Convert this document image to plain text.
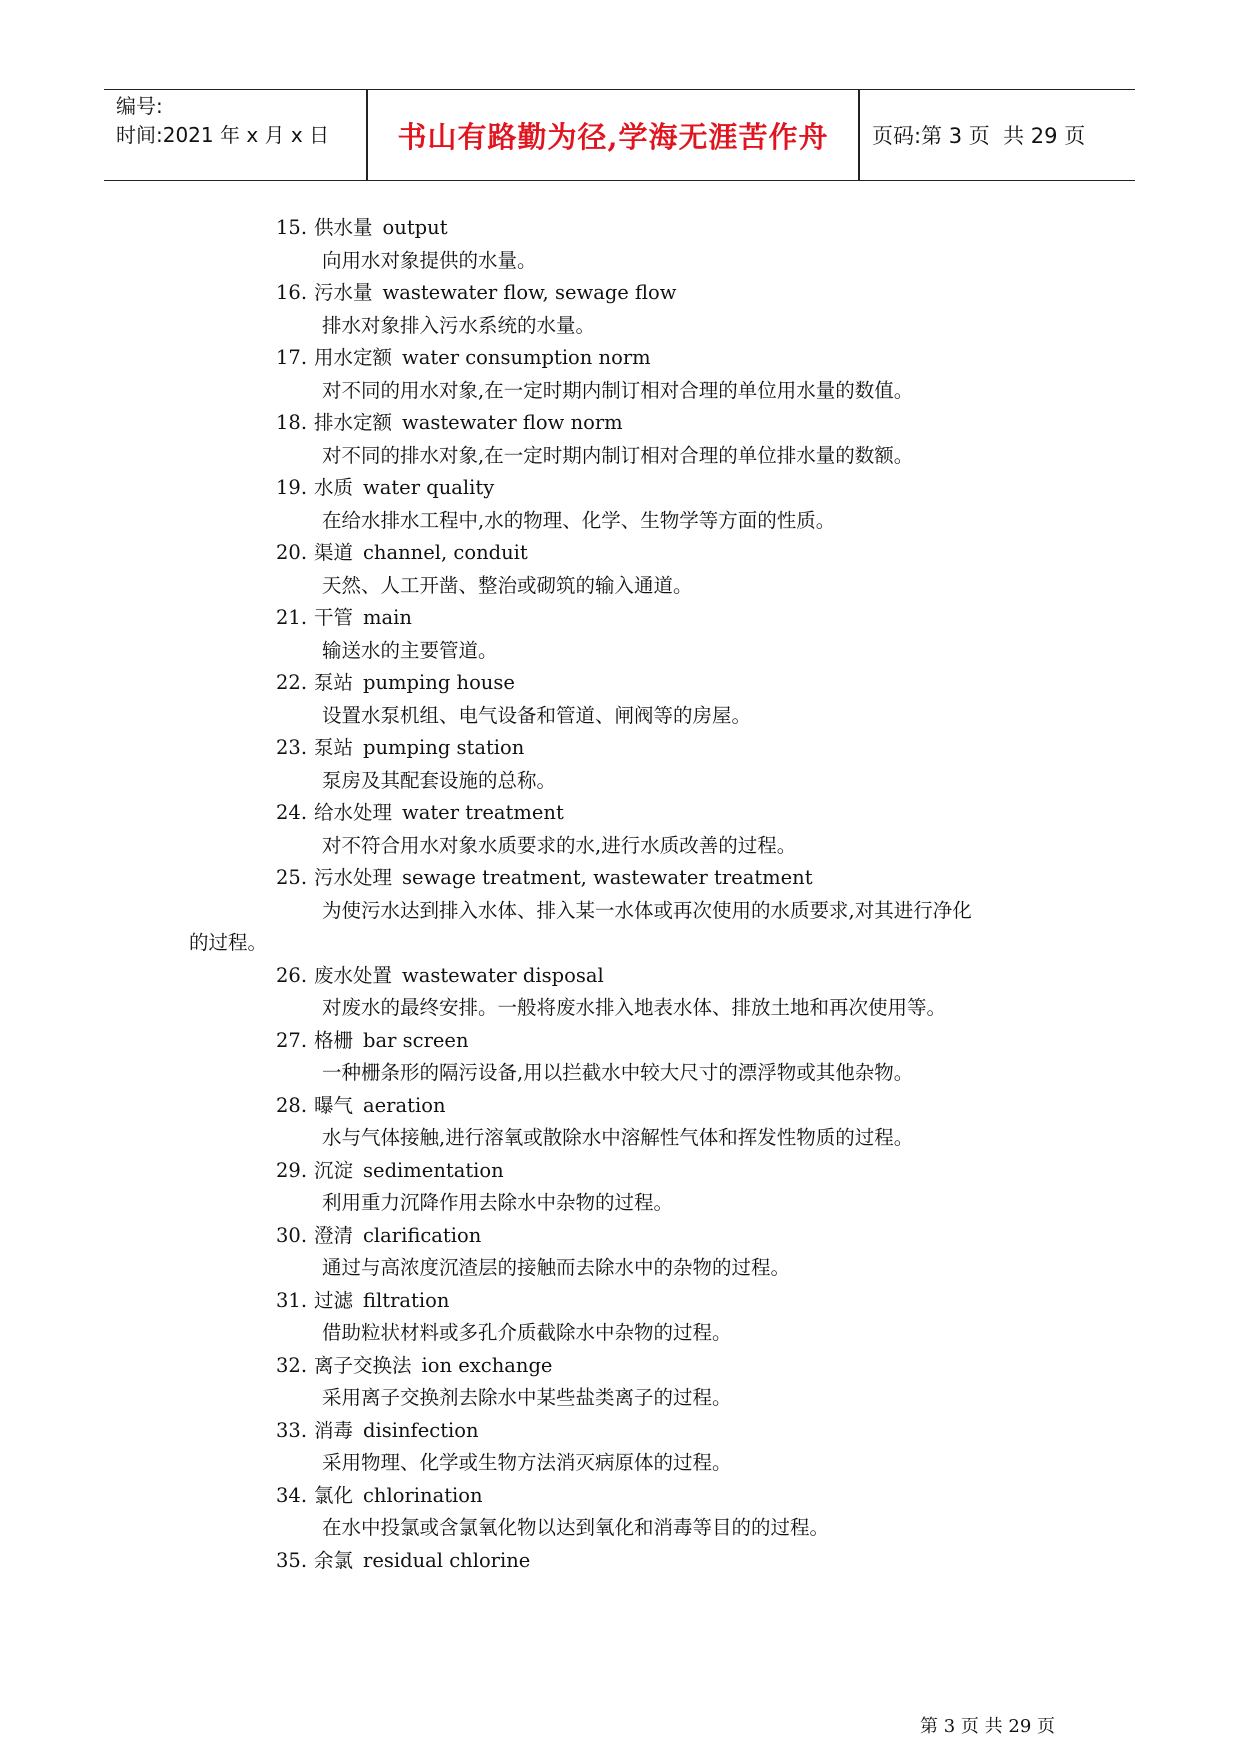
编号:
时间:2021 年 x 月 x 日	书山有路勤为径,学海无涯苦作舟	页码:第 3 页  共 29 页
15. 供水量 output
向用水对象提供的水量。
16. 污水量 wastewater flow, sewage flow
排水对象排入污水系统的水量。
17. 用水定额 water consumption norm
对不同的用水对象,在一定时期内制订相对合理的单位用水量的数值。
18. 排水定额 wastewater flow norm
对不同的排水对象,在一定时期内制订相对合理的单位排水量的数额。
19. 水质 water quality
在给水排水工程中,水的物理、化学、生物学等方面的性质。
20. 渠道 channel, conduit
天然、人工开凿、整治或砌筑的输入通道。
21. 干管 main
输送水的主要管道。
22. 泵站 pumping house
设置水泵机组、电气设备和管道、闸阀等的房屋。
23. 泵站 pumping station
泵房及其配套设施的总称。
24. 给水处理 water treatment
对不符合用水对象水质要求的水,进行水质改善的过程。
25. 污水处理 sewage treatment, wastewater treatment
为使污水达到排入水体、排入某一水体或再次使用的水质要求,对其进行净化
的过程。
26. 废水处置 wastewater disposal
对废水的最终安排。一般将废水排入地表水体、排放土地和再次使用等。
27. 格栅 bar screen
一种栅条形的隔污设备,用以拦截水中较大尺寸的漂浮物或其他杂物。
28. 曝气 aeration
水与气体接触,进行溶氧或散除水中溶解性气体和挥发性物质的过程。
29. 沉淀 sedimentation
利用重力沉降作用去除水中杂物的过程。
30. 澄清 clarification
通过与高浓度沉渣层的接触而去除水中的杂物的过程。
31. 过滤 filtration
借助粒状材料或多孔介质截除水中杂物的过程。
32. 离子交换法 ion exchange
采用离子交换剂去除水中某些盐类离子的过程。
33. 消毒 disinfection
采用物理、化学或生物方法消灭病原体的过程。
34. 氯化 chlorination
在水中投氯或含氯氧化物以达到氧化和消毒等目的的过程。
35. 余氯 residual chlorine
第 3 页 共 29 页
